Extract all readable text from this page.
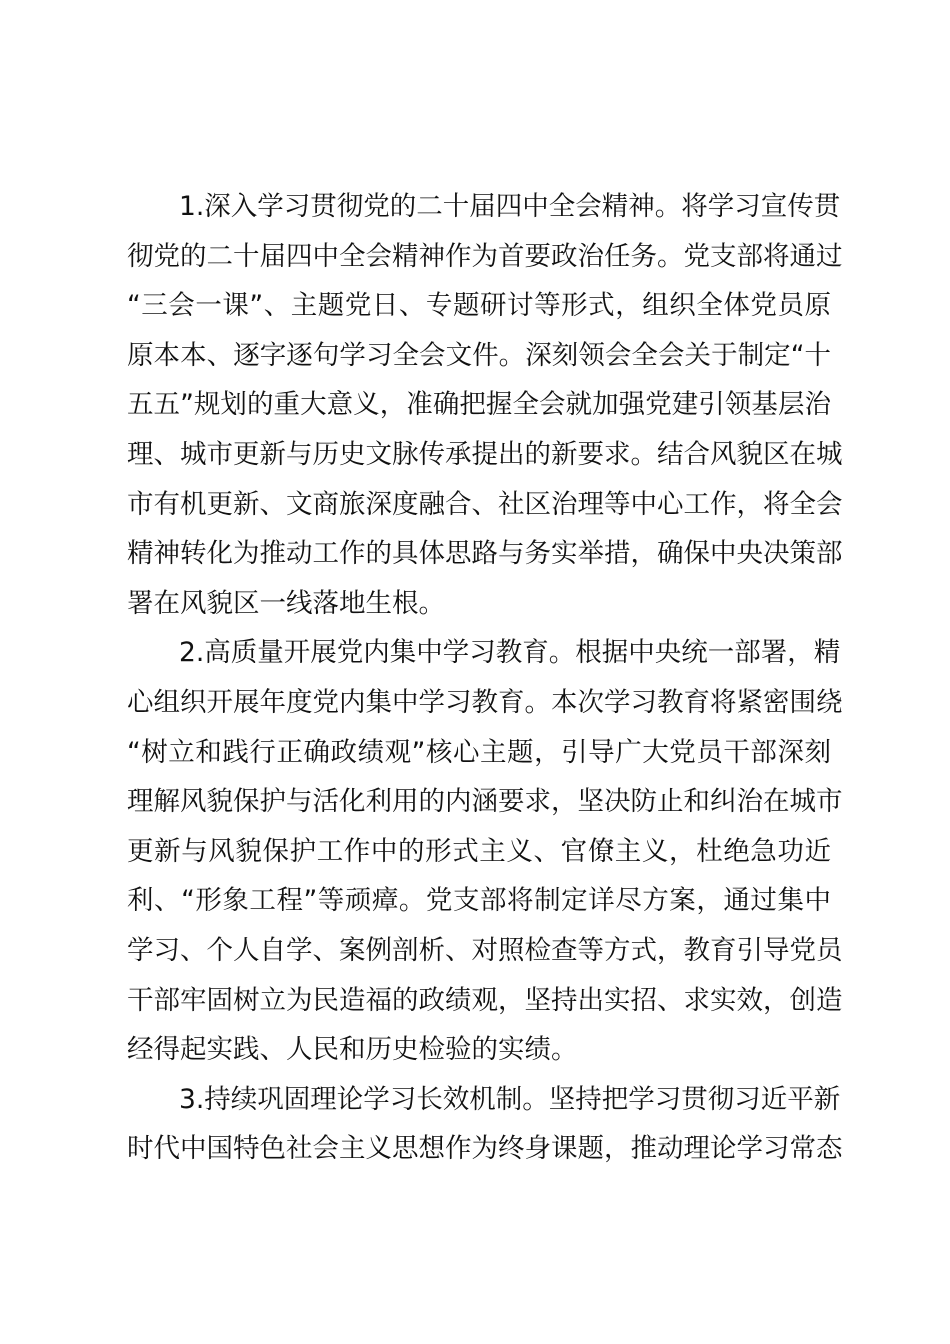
1.深入学习贯彻党的二十届四中全会精神。将学习宣传贯
彻党的二十届四中全会精神作为首要政治任务。党支部将通过
“三会一课”、主题党日、专题研讨等形式，组织全体党员原
原本本、逐字逐句学习全会文件。深刻领会全会关于制定“十
五五”规划的重大意义，准确把握全会就加强党建引领基层治
理、城市更新与历史文脉传承提出的新要求。结合风貌区在城
市有机更新、文商旅深度融合、社区治理等中心工作，将全会
精神转化为推动工作的具体思路与务实举措，确保中央决策部
署在风貌区一线落地生根。
2.高质量开展党内集中学习教育。根据中央统一部署，精
心组织开展年度党内集中学习教育。本次学习教育将紧密围绕
“树立和践行正确政绩观”核心主题，引导广大党员干部深刻
理解风貌保护与活化利用的内涵要求，坚决防止和纠治在城市
更新与风貌保护工作中的形式主义、官僚主义，杜绝急功近
利、“形象工程”等顽瘴。党支部将制定详尽方案，通过集中
学习、个人自学、案例剖析、对照检查等方式，教育引导党员
干部牢固树立为民造福的政绩观，坚持出实招、求实效，创造
经得起实践、人民和历史检验的实绩。
3.持续巩固理论学习长效机制。坚持把学习贯彻习近平新
时代中国特色社会主义思想作为终身课题，推动理论学习常态
